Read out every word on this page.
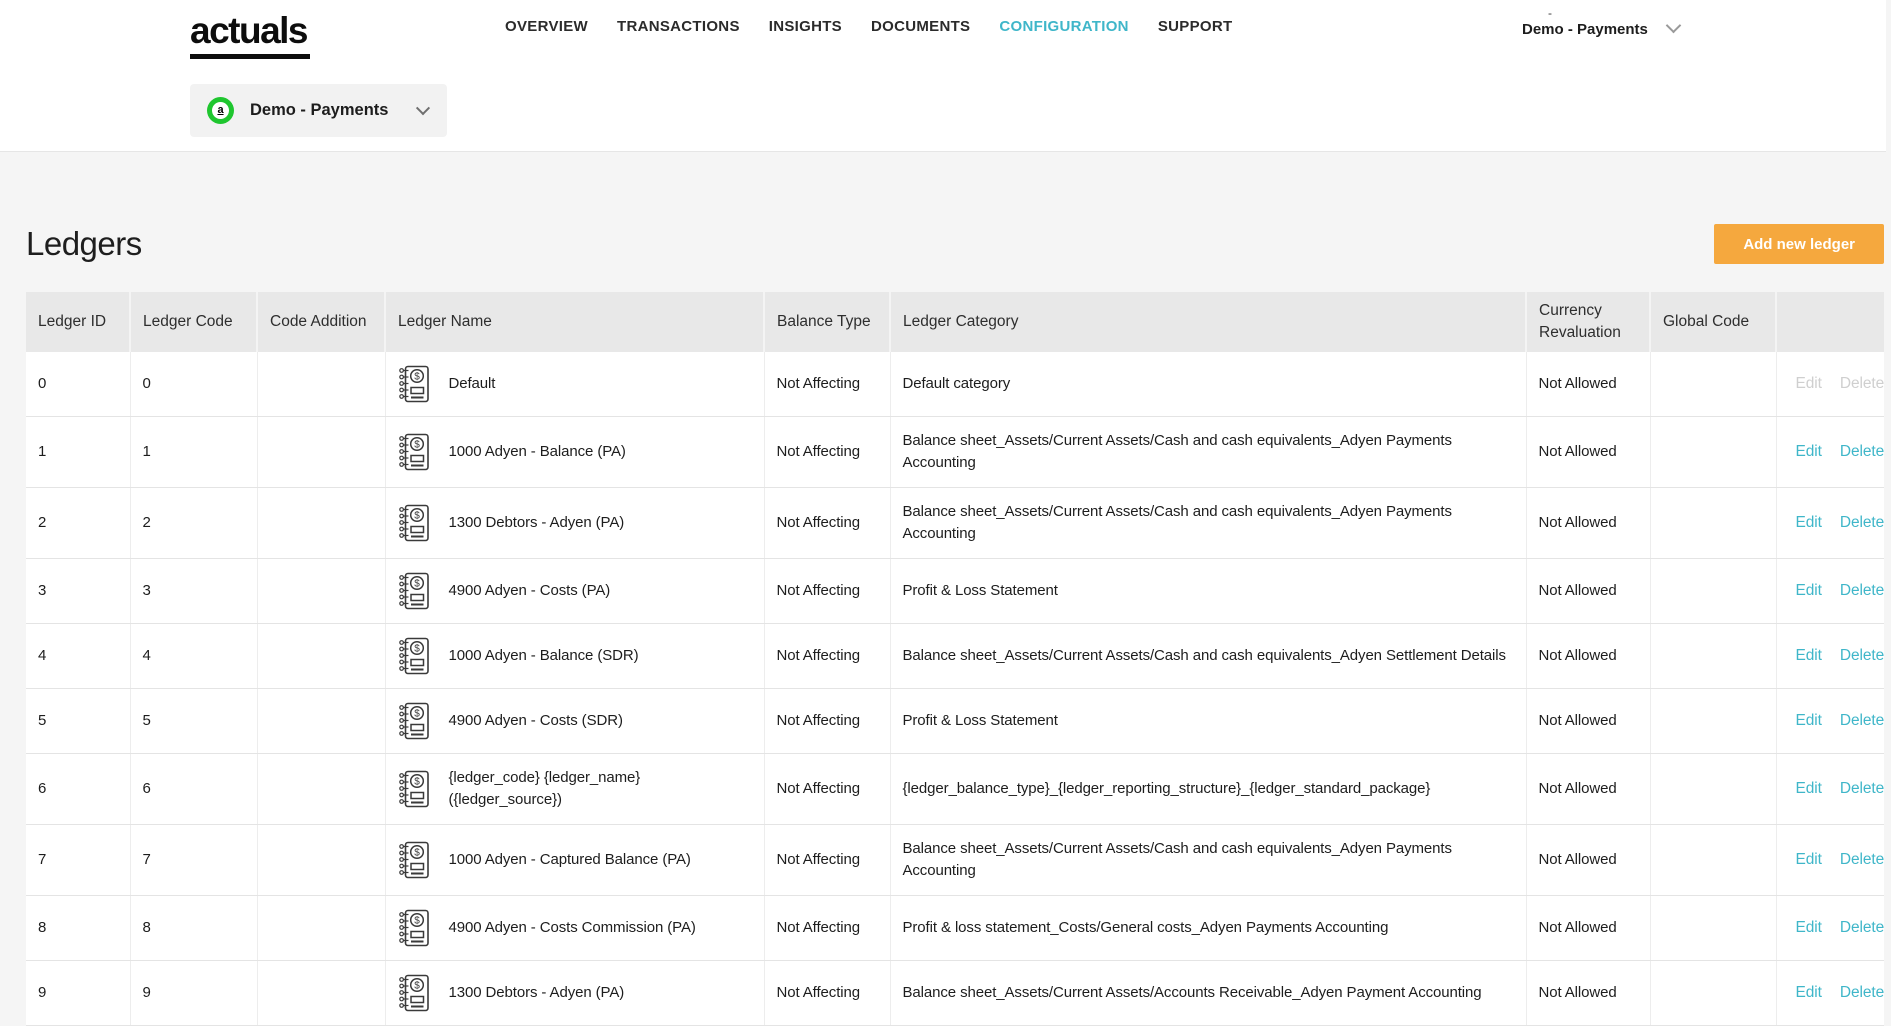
actuals	OVERVIEW TRANSACTIONS INSIGHTS DOCUMENTS CONFIGURATION SUPPORT
-
Demo - Payments
a	Demo - Payments
Ledgers	Add new ledger
Ledger ID	Ledger Code	Code Addition	Ledger Name	Balance Type	Ledger Category	Currency Revaluation	Global Code	
0	0		$ Default	Not Affecting	Default category	Not Allowed		Edit Delete
1	1		$ 1000 Adyen - Balance (PA)	Not Affecting	Balance sheet_Assets/Current Assets/Cash and cash equivalents_Adyen Payments Accounting	Not Allowed		Edit Delete
2	2		$ 1300 Debtors - Adyen (PA)	Not Affecting	Balance sheet_Assets/Current Assets/Cash and cash equivalents_Adyen Payments Accounting	Not Allowed		Edit Delete
3	3		$ 4900 Adyen - Costs (PA)	Not Affecting	Profit & Loss Statement	Not Allowed		Edit Delete
4	4		$ 1000 Adyen - Balance (SDR)	Not Affecting	Balance sheet_Assets/Current Assets/Cash and cash equivalents_Adyen Settlement Details	Not Allowed		Edit Delete
5	5		$ 4900 Adyen - Costs (SDR)	Not Affecting	Profit & Loss Statement	Not Allowed		Edit Delete
6	6		$ {ledger_code} {ledger_name} ({ledger_source})	Not Affecting	{ledger_balance_type}_{ledger_reporting_structure}_{ledger_standard_package}	Not Allowed		Edit Delete
7	7		$ 1000 Adyen - Captured Balance (PA)	Not Affecting	Balance sheet_Assets/Current Assets/Cash and cash equivalents_Adyen Payments Accounting	Not Allowed		Edit Delete
8	8		$ 4900 Adyen - Costs Commission (PA)	Not Affecting	Profit & loss statement_Costs/General costs_Adyen Payments Accounting	Not Allowed		Edit Delete
9	9		$ 1300 Debtors - Adyen (PA)	Not Affecting	Balance sheet_Assets/Current Assets/Accounts Receivable_Adyen Payment Accounting	Not Allowed		Edit Delete
